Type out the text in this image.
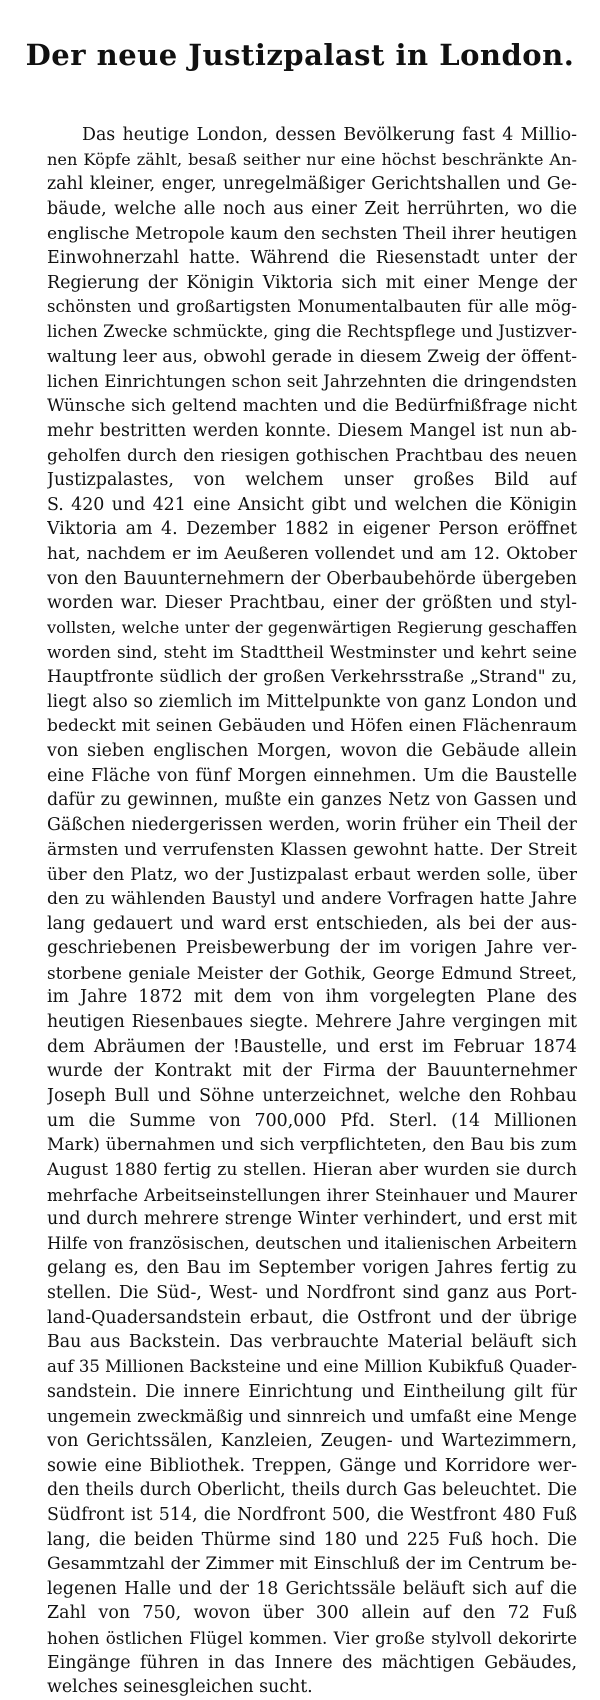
Der neue Justizpalast in London.
Das heutige London, dessen Bevölkerung fast 4 Millio-
nen Köpfe zählt, besaß seither nur eine höchst beschränkte An-
zahl kleiner, enger, unregelmäßiger Gerichtshallen und Ge-
bäude, welche alle noch aus einer Zeit herrührten, wo die
englische Metropole kaum den sechsten Theil ihrer heutigen
Einwohnerzahl hatte. Während die Riesenstadt unter der
Regierung der Königin Viktoria sich mit einer Menge der
schönsten und großartigsten Monumentalbauten für alle mög-
lichen Zwecke schmückte, ging die Rechtspflege und Justizver-
waltung leer aus, obwohl gerade in diesem Zweig der öffent-
lichen Einrichtungen schon seit Jahrzehnten die dringendsten
Wünsche sich geltend machten und die Bedürfnißfrage nicht
mehr bestritten werden konnte. Diesem Mangel ist nun ab-
geholfen durch den riesigen gothischen Prachtbau des neuen
Justizpalastes, von welchem unser großes Bild auf
S. 420 und 421 eine Ansicht gibt und welchen die Königin
Viktoria am 4. Dezember 1882 in eigener Person eröffnet
hat, nachdem er im Aeußeren vollendet und am 12. Oktober
von den Bauunternehmern der Oberbaubehörde übergeben
worden war. Dieser Prachtbau, einer der größten und styl-
vollsten, welche unter der gegenwärtigen Regierung geschaffen
worden sind, steht im Stadttheil Westminster und kehrt seine
Hauptfronte südlich der großen Verkehrsstraße „Strand" zu,
liegt also so ziemlich im Mittelpunkte von ganz London und
bedeckt mit seinen Gebäuden und Höfen einen Flächenraum
von sieben englischen Morgen, wovon die Gebäude allein
eine Fläche von fünf Morgen einnehmen. Um die Baustelle
dafür zu gewinnen, mußte ein ganzes Netz von Gassen und
Gäßchen niedergerissen werden, worin früher ein Theil der
ärmsten und verrufensten Klassen gewohnt hatte. Der Streit
über den Platz, wo der Justizpalast erbaut werden solle, über
den zu wählenden Baustyl und andere Vorfragen hatte Jahre
lang gedauert und ward erst entschieden, als bei der aus-
geschriebenen Preisbewerbung der im vorigen Jahre ver-
storbene geniale Meister der Gothik, George Edmund Street,
im Jahre 1872 mit dem von ihm vorgelegten Plane des
heutigen Riesenbaues siegte. Mehrere Jahre vergingen mit
dem Abräumen der !Baustelle, und erst im Februar 1874
wurde der Kontrakt mit der Firma der Bauunternehmer
Joseph Bull und Söhne unterzeichnet, welche den Rohbau
um die Summe von 700,000 Pfd. Sterl. (14 Millionen
Mark) übernahmen und sich verpflichteten, den Bau bis zum
August 1880 fertig zu stellen. Hieran aber wurden sie durch
mehrfache Arbeitseinstellungen ihrer Steinhauer und Maurer
und durch mehrere strenge Winter verhindert, und erst mit
Hilfe von französischen, deutschen und italienischen Arbeitern
gelang es, den Bau im September vorigen Jahres fertig zu
stellen. Die Süd-, West- und Nordfront sind ganz aus Port-
land-Quadersandstein erbaut, die Ostfront und der übrige
Bau aus Backstein. Das verbrauchte Material beläuft sich
auf 35 Millionen Backsteine und eine Million Kubikfuß Quader-
sandstein. Die innere Einrichtung und Eintheilung gilt für
ungemein zweckmäßig und sinnreich und umfaßt eine Menge
von Gerichtssälen, Kanzleien, Zeugen- und Wartezimmern,
sowie eine Bibliothek. Treppen, Gänge und Korridore wer-
den theils durch Oberlicht, theils durch Gas beleuchtet. Die
Südfront ist 514, die Nordfront 500, die Westfront 480 Fuß
lang, die beiden Thürme sind 180 und 225 Fuß hoch. Die
Gesammtzahl der Zimmer mit Einschluß der im Centrum be-
legenen Halle und der 18 Gerichtssäle beläuft sich auf die
Zahl von 750, wovon über 300 allein auf den 72 Fuß
hohen östlichen Flügel kommen. Vier große stylvoll dekorirte
Eingänge führen in das Innere des mächtigen Gebäudes,
welches seinesgleichen sucht.
